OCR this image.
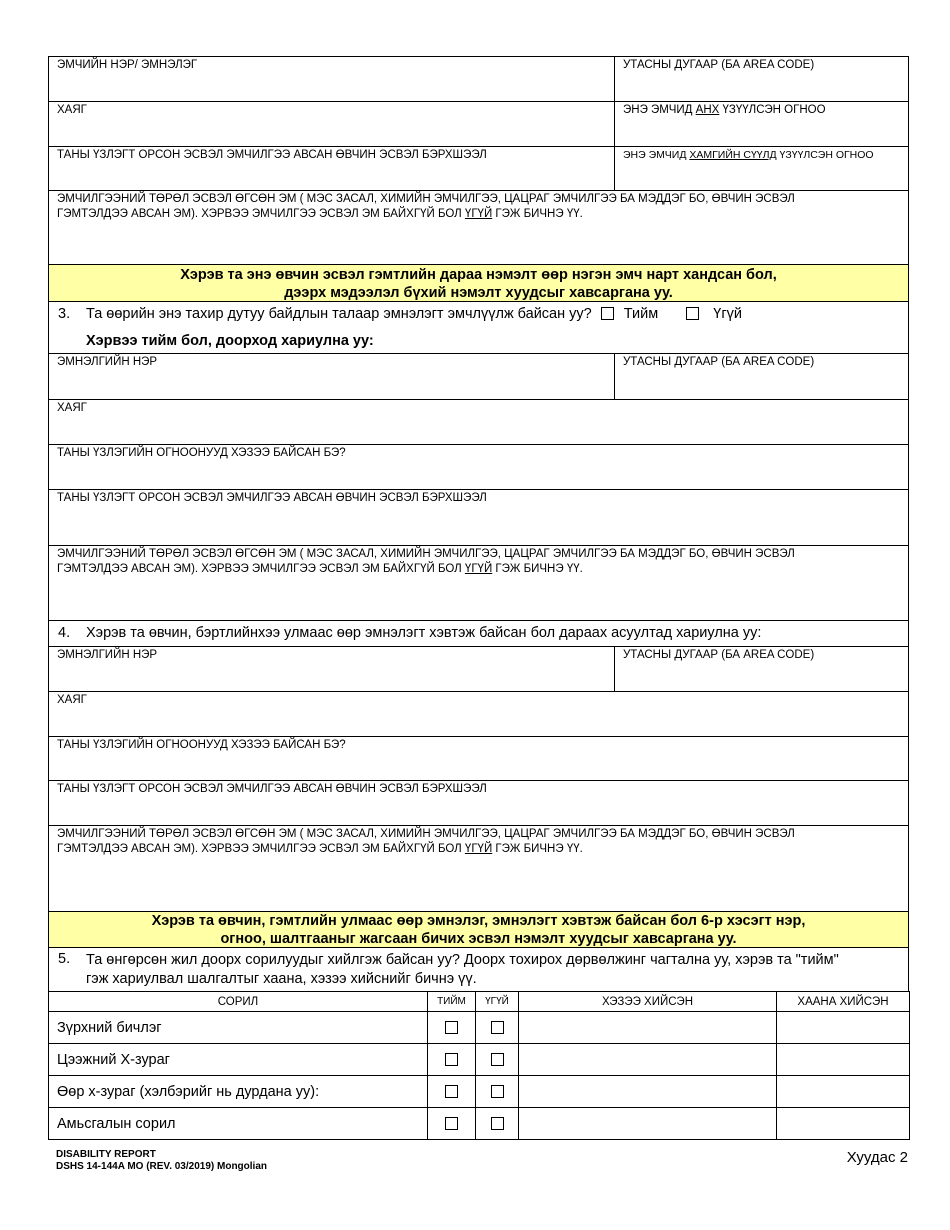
ЭМЧИЙН НЭР/ ЭМНЭЛЭГ	УТАСНЫ ДУГААР (БА AREA CODE)
ХАЯГ	ЭНЭ ЭМЧИД АНХ ҮЗҮҮЛСЭН ОГНОО
ТАНЫ ҮЗЛЭГТ ОРСОН ЭСВЭЛ ЭМЧИЛГЭЭ АВСАН ӨВЧИН ЭСВЭЛ БЭРХШЭЭЛ	ЭНЭ ЭМЧИД ХАМГИЙН СҮҮЛД ҮЗҮҮЛСЭН ОГНОО
ЭМЧИЛГЭЭНИЙ ТӨРӨЛ ЭСВЭЛ ӨГСӨН ЭМ ( МЭС ЗАСАЛ, ХИМИЙН ЭМЧИЛГЭЭ, ЦАЦРАГ ЭМЧИЛГЭЭ БА МЭДДЭГ БО, ӨВЧИН ЭСВЭЛ
ГЭМТЭЛДЭЭ АВСАН ЭМ). ХЭРВЭЭ ЭМЧИЛГЭЭ ЭСВЭЛ ЭМ БАЙХГҮЙ БОЛ ҮГҮЙ ГЭЖ БИЧНЭ ҮҮ.
Хэрэв та энэ өвчин эсвэл гэмтлийн дараа нэмэлт өөр нэгэн эмч нарт хандсан бол,
дээрх мэдээлэл бүхий нэмэлт хуудсыг хавсаргана уу.
3. Та өөрийн энэ тахир дутуу байдлын талаар эмнэлэгт эмчлүүлж байсан уу? Тийм	Үгүй
Хэрвээ тийм бол, доорход хариулна уу:
ЭМНЭЛГИЙН НЭР	УТАСНЫ ДУГААР (БА AREA CODE)
ХАЯГ
ТАНЫ ҮЗЛЭГИЙН ОГНООНУУД ХЭЗЭЭ БАЙСАН БЭ?
ТАНЫ ҮЗЛЭГТ ОРСОН ЭСВЭЛ ЭМЧИЛГЭЭ АВСАН ӨВЧИН ЭСВЭЛ БЭРХШЭЭЛ
ЭМЧИЛГЭЭНИЙ ТӨРӨЛ ЭСВЭЛ ӨГСӨН ЭМ ( МЭС ЗАСАЛ, ХИМИЙН ЭМЧИЛГЭЭ, ЦАЦРАГ ЭМЧИЛГЭЭ БА МЭДДЭГ БО, ӨВЧИН ЭСВЭЛ
ГЭМТЭЛДЭЭ АВСАН ЭМ). ХЭРВЭЭ ЭМЧИЛГЭЭ ЭСВЭЛ ЭМ БАЙХГҮЙ БОЛ ҮГҮЙ ГЭЖ БИЧНЭ ҮҮ.
4. Хэрэв та өвчин, бэртлийнхээ улмаас өөр эмнэлэгт хэвтэж байсан бол дараах асуултад хариулна уу:
ЭМНЭЛГИЙН НЭР	УТАСНЫ ДУГААР (БА AREA CODE)
ХАЯГ
ТАНЫ ҮЗЛЭГИЙН ОГНООНУУД ХЭЗЭЭ БАЙСАН БЭ?
ТАНЫ ҮЗЛЭГТ ОРСОН ЭСВЭЛ ЭМЧИЛГЭЭ АВСАН ӨВЧИН ЭСВЭЛ БЭРХШЭЭЛ
ЭМЧИЛГЭЭНИЙ ТӨРӨЛ ЭСВЭЛ ӨГСӨН ЭМ ( МЭС ЗАСАЛ, ХИМИЙН ЭМЧИЛГЭЭ, ЦАЦРАГ ЭМЧИЛГЭЭ БА МЭДДЭГ БО, ӨВЧИН ЭСВЭЛ
ГЭМТЭЛДЭЭ АВСАН ЭМ). ХЭРВЭЭ ЭМЧИЛГЭЭ ЭСВЭЛ ЭМ БАЙХГҮЙ БОЛ ҮГҮЙ ГЭЖ БИЧНЭ ҮҮ.
Хэрэв та өвчин, гэмтлийн улмаас өөр эмнэлэг, эмнэлэгт хэвтэж байсан бол 6-р хэсэгт нэр,
огноо, шалтгааныг жагсаан бичих эсвэл нэмэлт хуудсыг хавсаргана уу.
5. Та өнгөрсөн жил доорх сорилуудыг хийлгэж байсан уу? Доорх тохирох дөрвөлжинг чагтална уу, хэрэв та "тийм"
гэж хариулвал шалгалтыг хаана, хэзээ хийснийг бичнэ үү.
СОРИЛ	ТИЙМ	ҮГҮЙ	ХЭЗЭЭ ХИЙСЭН	ХААНА ХИЙСЭН
Зүрхний бичлэг				
Цээжний Х-зураг				
Өөр х-зураг (хэлбэрийг нь дурдана уу):				
Амьсгалын сорил				
DISABILITY REPORT
DSHS 14-144A MO (REV. 03/2019) Mongolian
Хуудас 2
